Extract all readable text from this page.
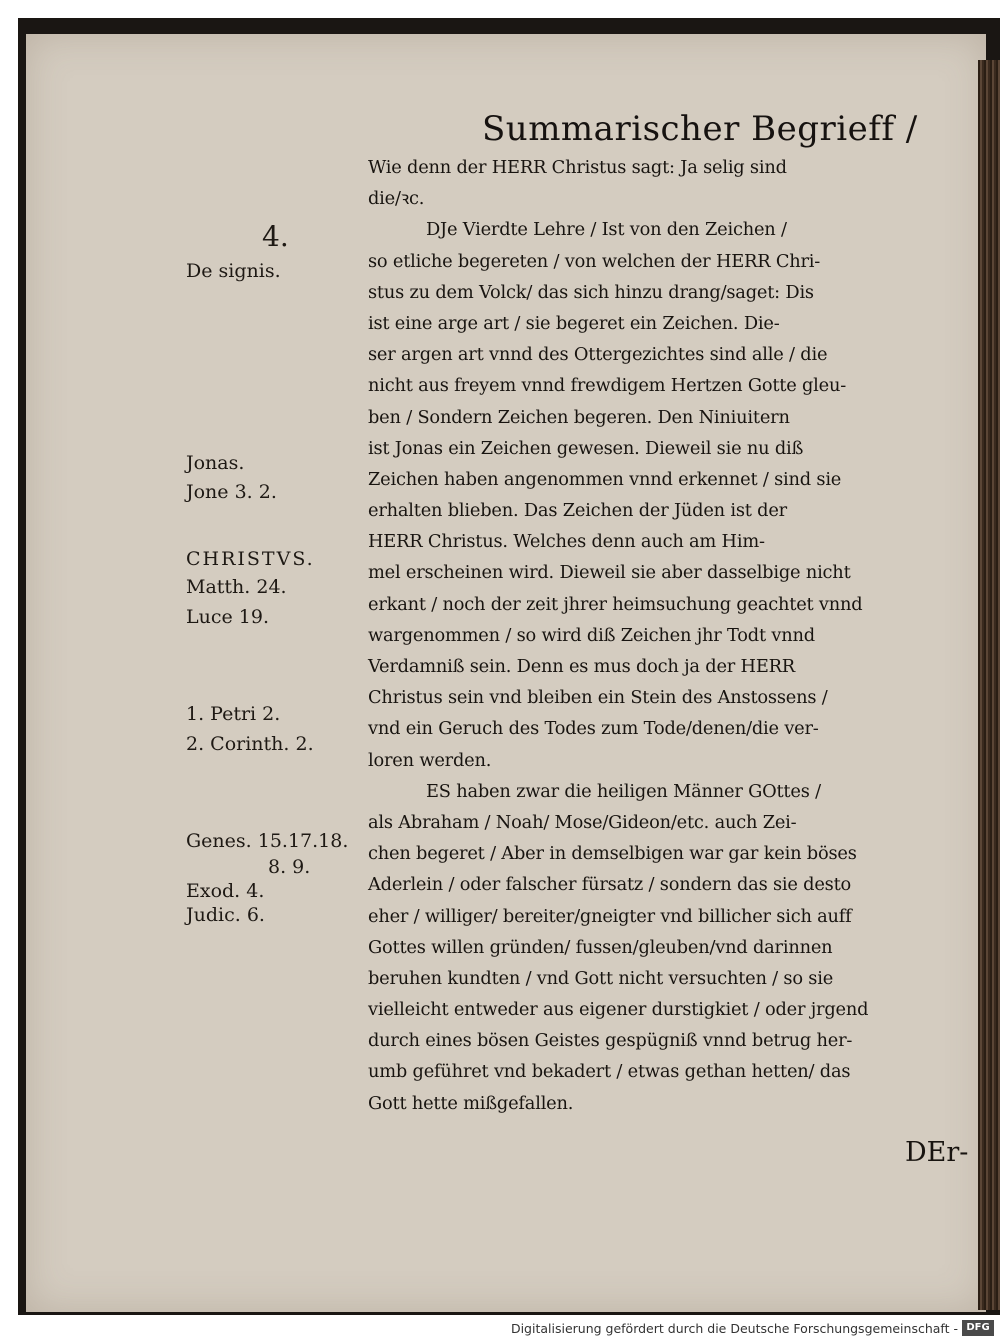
Summarischer Begrieff /
Wie denn der HERR Christus sagt: Ja selig sind
die/ꝛc.
DJe Vierdte Lehre / Ist von den Zeichen /
so etliche begereten / von welchen der HERR Chri-
stus zu dem Volck/ das sich hinzu drang/saget: Dis
ist eine arge art / sie begeret ein Zeichen. Die-
ser argen art vnnd des Ottergezichtes sind alle / die
nicht aus freyem vnnd frewdigem Hertzen Gotte gleu-
ben / Sondern Zeichen begeren. Den Niniuitern
ist Jonas ein Zeichen gewesen. Dieweil sie nu diß
Zeichen haben angenommen vnnd erkennet / sind sie
erhalten blieben. Das Zeichen der Jüden ist der
HERR Christus. Welches denn auch am Him-
mel erscheinen wird. Dieweil sie aber dasselbige nicht
erkant / noch der zeit jhrer heimsuchung geachtet vnnd
wargenommen / so wird diß Zeichen jhr Todt vnnd
Verdamniß sein. Denn es mus doch ja der HERR
Christus sein vnd bleiben ein Stein des Anstossens /
vnd ein Geruch des Todes zum Tode/denen/die ver-
loren werden.
ES haben zwar die heiligen Männer GOttes /
als Abraham / Noah/ Mose/Gideon/etc. auch Zei-
chen begeret / Aber in demselbigen war gar kein böses
Aderlein / oder falscher fürsatz / sondern das sie desto
eher / williger/ bereiter/gneigter vnd billicher sich auff
Gottes willen gründen/ fussen/gleuben/vnd darinnen
beruhen kundten / vnd Gott nicht versuchten / so sie
vielleicht entweder aus eigener durstigkiet / oder jrgend
durch eines bösen Geistes gespügniß vnnd betrug her-
umb geführet vnd bekadert / etwas gethan hetten/ das
Gott hette mißgefallen.
DEr-
4.
De signis.
Jonas.
Jone 3. 2.
CHRISTVS.
Matth. 24.
Luce 19.
1. Petri 2.
2. Corinth. 2.
Genes. 15.17.18.
8. 9.
Exod. 4.
Judic. 6.
Digitalisierung gefördert durch die Deutsche Forschungsgemeinschaft - DFG
